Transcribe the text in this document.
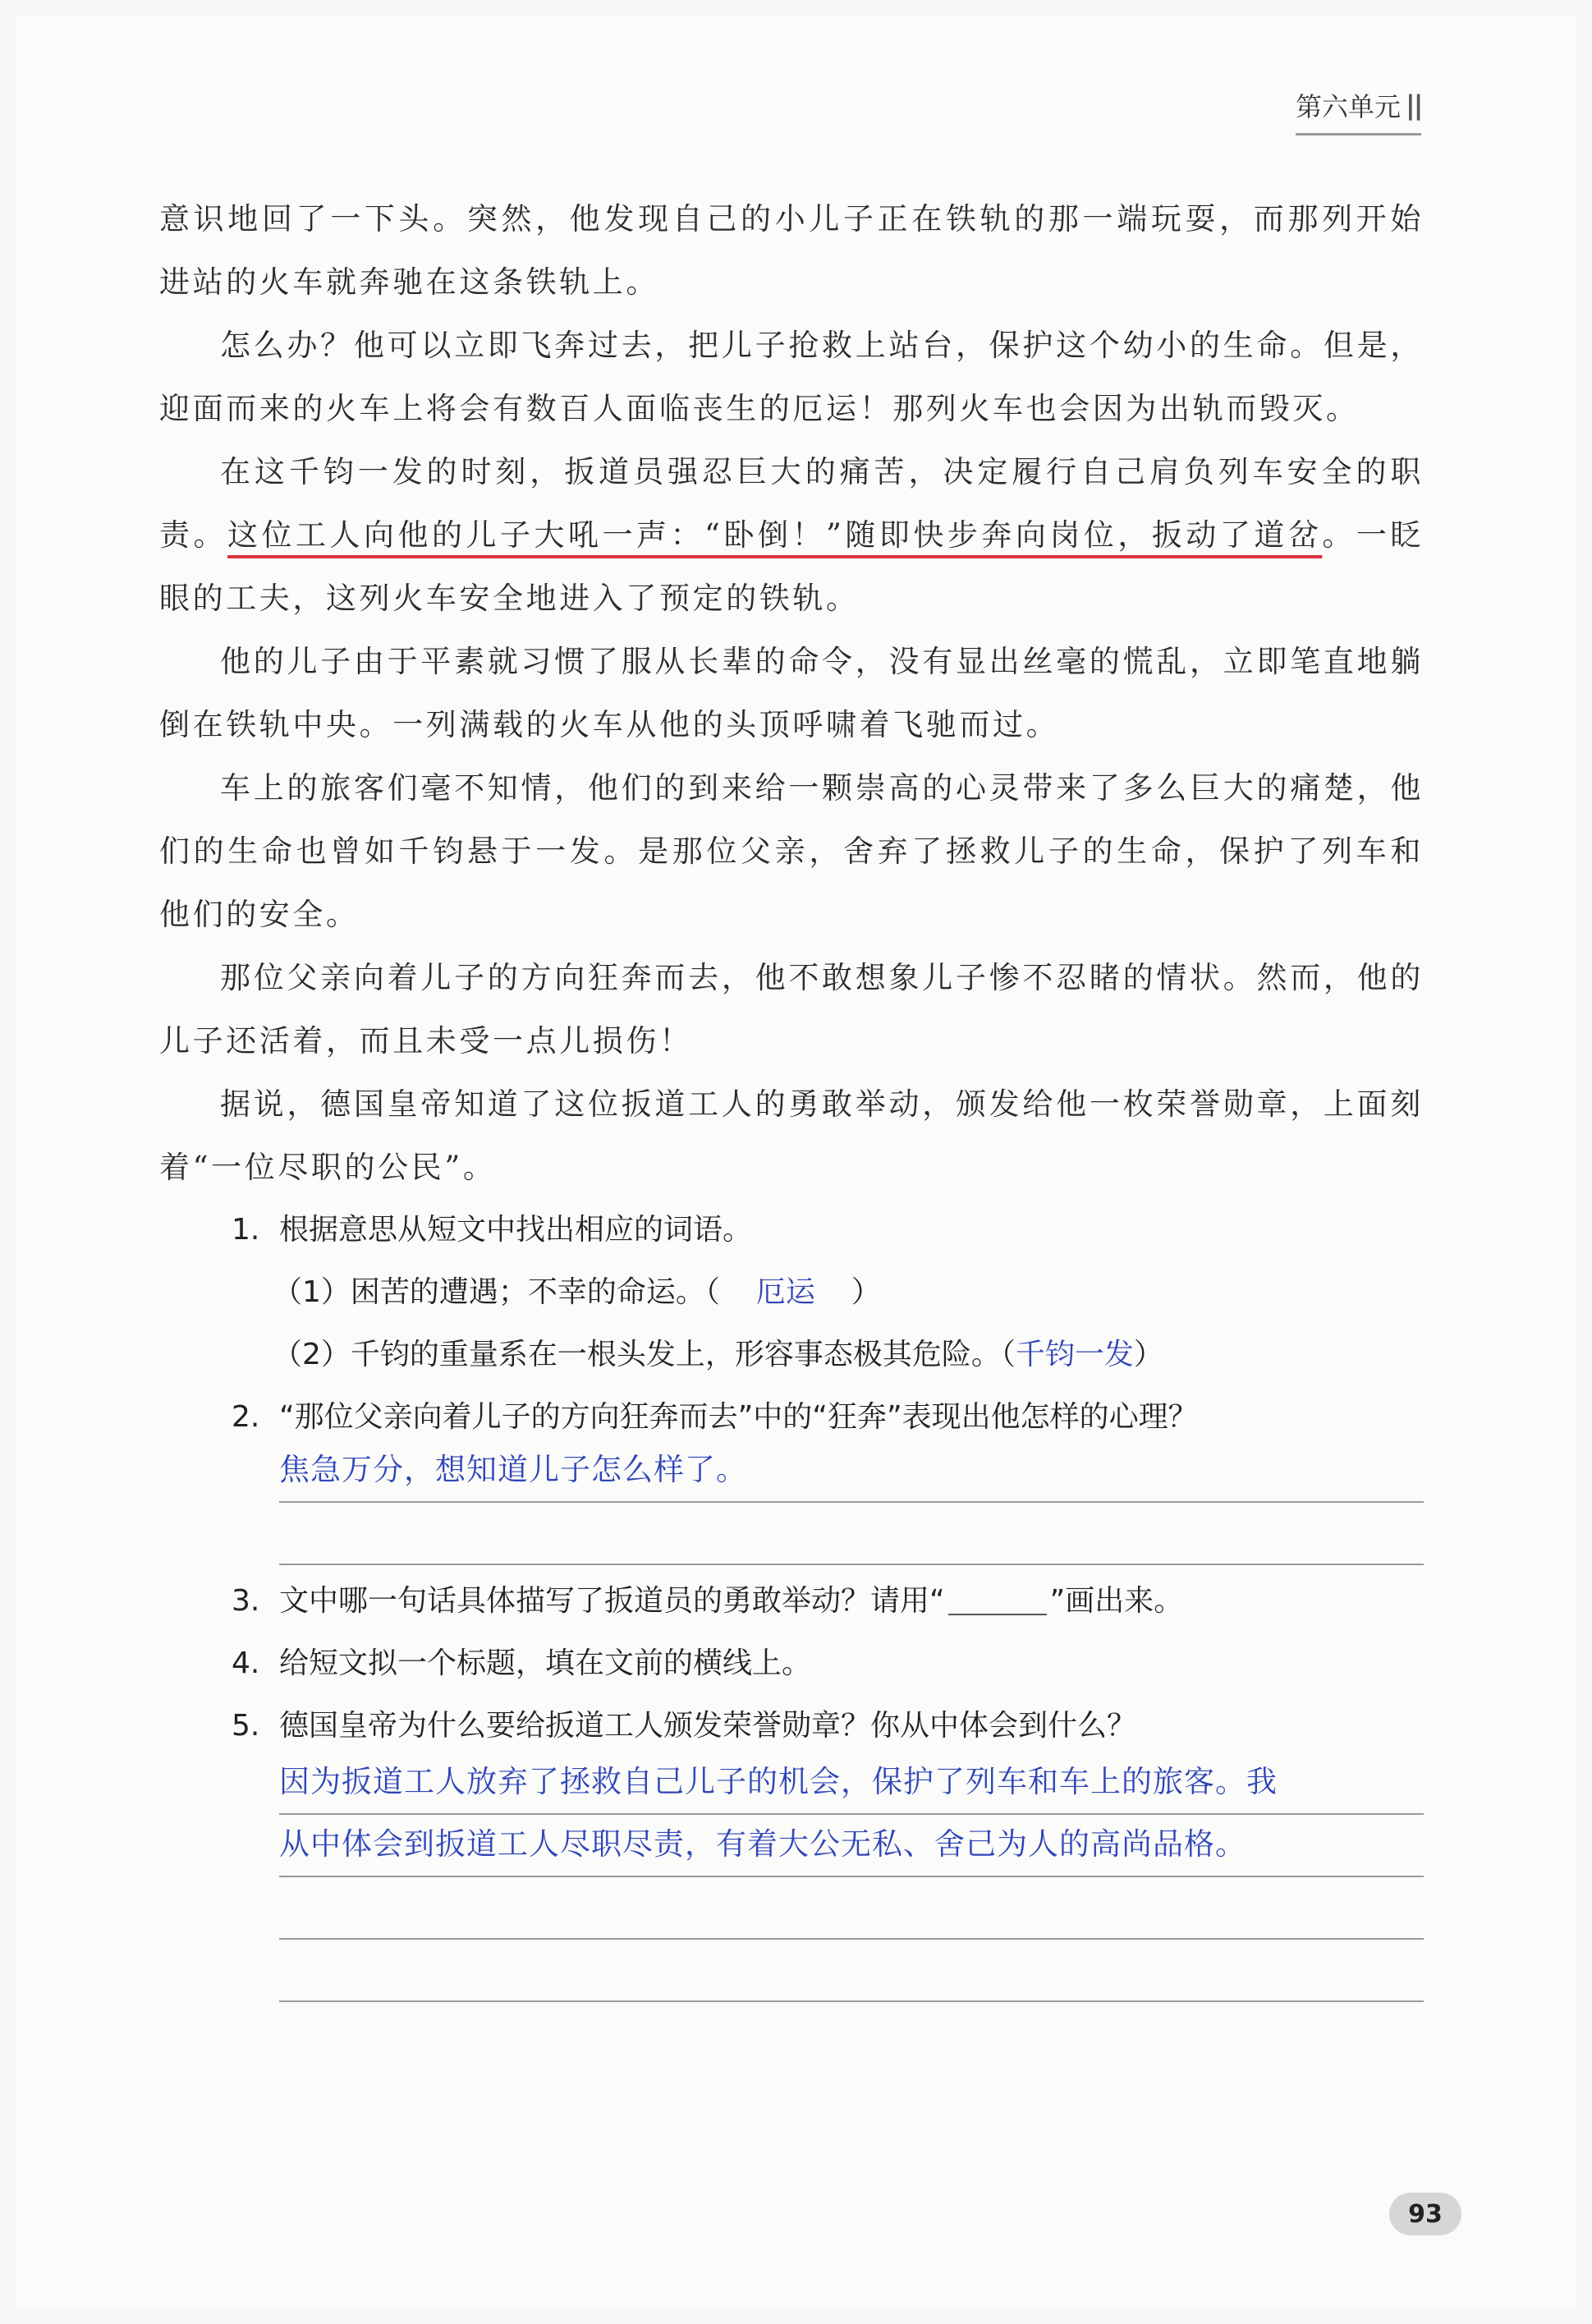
第六单元 ||

意识地回了一下头。突然，他发现自己的小儿子正在铁轨的那一端玩耍，而那列开始进站的火车就奔驰在这条铁轨上。

怎么办？他可以立即飞奔过去，把儿子抢救上站台，保护这个幼小的生命。但是，迎面而来的火车上将会有数百人面临丧生的厄运！那列火车也会因为出轨而毁灭。

在这千钧一发的时刻，扳道员强忍巨大的痛苦，决定履行自己肩负列车安全的职责。这位工人向他的儿子大吼一声：“卧倒！”随即快步奔向岗位，扳动了道岔。一眨眼的工夫，这列火车安全地进入了预定的铁轨。

他的儿子由于平素就习惯了服从长辈的命令，没有显出丝毫的慌乱，立即笔直地躺倒在铁轨中央。一列满载的火车从他的头顶呼啸着飞驰而过。

车上的旅客们毫不知情，他们的到来给一颗崇高的心灵带来了多么巨大的痛楚，他们的生命也曾如千钧悬于一发。是那位父亲，舍弃了拯救儿子的生命，保护了列车和他们的安全。

那位父亲向着儿子的方向狂奔而去，他不敢想象儿子惨不忍睹的情状。然而，他的儿子还活着，而且未受一点儿损伤！

据说，德国皇帝知道了这位扳道工人的勇敢举动，颁发给他一枚荣誉勋章，上面刻着“一位尽职的公民”。

1. 根据意思从短文中找出相应的词语。
（1）困苦的遭遇；不幸的命运。（ 厄运 ）
（2）千钧的重量系在一根头发上，形容事态极其危险。（千钧一发）
2. “那位父亲向着儿子的方向狂奔而去”中的“狂奔”表现出他怎样的心理？
焦急万分，想知道儿子怎么样了。
3. 文中哪一句话具体描写了扳道员的勇敢举动？请用“	”画出来。
4. 给短文拟一个标题，填在文前的横线上。
5. 德国皇帝为什么要给扳道工人颁发荣誉勋章？你从中体会到什么？
因为扳道工人放弃了拯救自己儿子的机会，保护了列车和车上的旅客。我
从中体会到扳道工人尽职尽责，有着大公无私、舍己为人的高尚品格。
93
